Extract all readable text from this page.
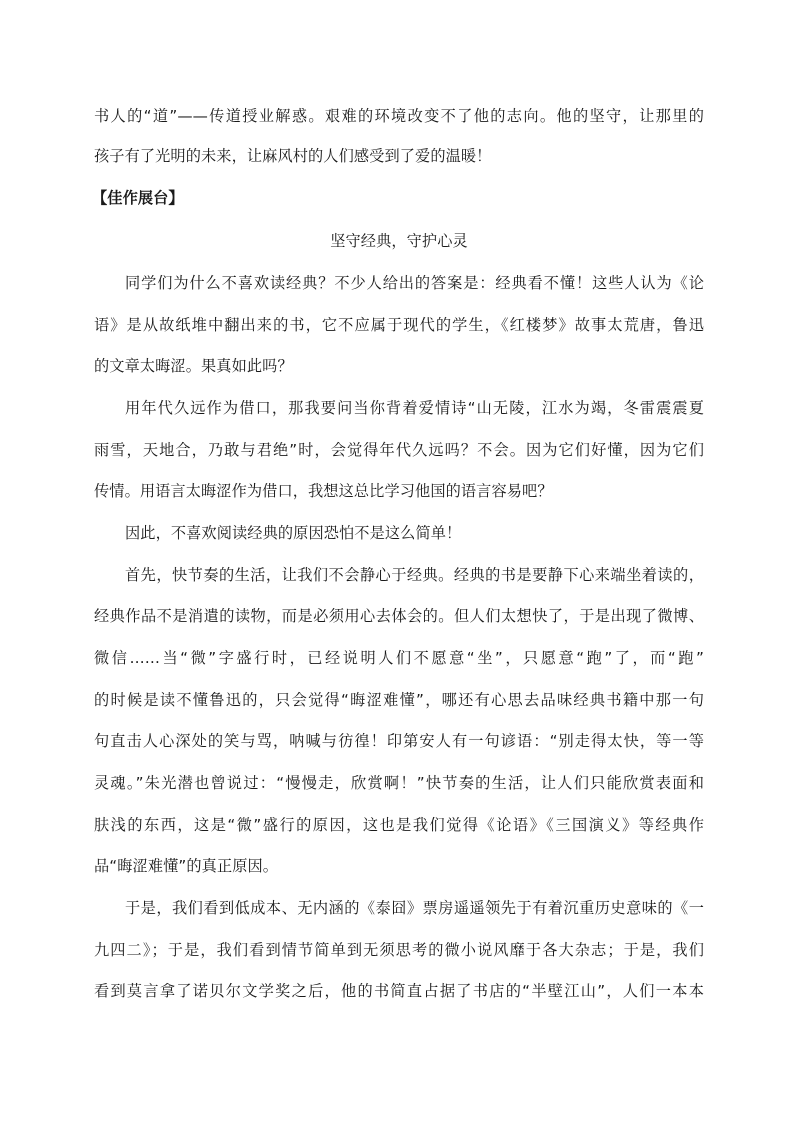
书人的“道”——传道授业解惑。艰难的环境改变不了他的志向。他的坚守，让那里的
孩子有了光明的未来，让麻风村的人们感受到了爱的温暖！
【佳作展台】
坚守经典，守护心灵
同学们为什么不喜欢读经典？不少人给出的答案是：经典看不懂！这些人认为《论
语》是从故纸堆中翻出来的书，它不应属于现代的学生，《红楼梦》故事太荒唐，鲁迅
的文章太晦涩。果真如此吗？
用年代久远作为借口，那我要问当你背着爱情诗“山无陵，江水为竭，冬雷震震夏
雨雪，天地合，乃敢与君绝”时，会觉得年代久远吗？不会。因为它们好懂，因为它们
传情。用语言太晦涩作为借口，我想这总比学习他国的语言容易吧？
因此，不喜欢阅读经典的原因恐怕不是这么简单！
首先，快节奏的生活，让我们不会静心于经典。经典的书是要静下心来端坐着读的，
经典作品不是消遣的读物，而是必须用心去体会的。但人们太想快了，于是出现了微博、
微信……当“微”字盛行时，已经说明人们不愿意“坐”，只愿意“跑”了，而“跑”
的时候是读不懂鲁迅的，只会觉得“晦涩难懂”，哪还有心思去品味经典书籍中那一句
句直击人心深处的笑与骂，呐喊与彷徨！印第安人有一句谚语：“别走得太快，等一等
灵魂。”朱光潜也曾说过：“慢慢走，欣赏啊！”快节奏的生活，让人们只能欣赏表面和
肤浅的东西，这是“微”盛行的原因，这也是我们觉得《论语》《三国演义》等经典作
品“晦涩难懂”的真正原因。
于是，我们看到低成本、无内涵的《泰囧》票房遥遥领先于有着沉重历史意味的《一
九四二》；于是，我们看到情节简单到无须思考的微小说风靡于各大杂志；于是，我们
看到莫言拿了诺贝尔文学奖之后，他的书简直占据了书店的“半壁江山”，人们一本本
